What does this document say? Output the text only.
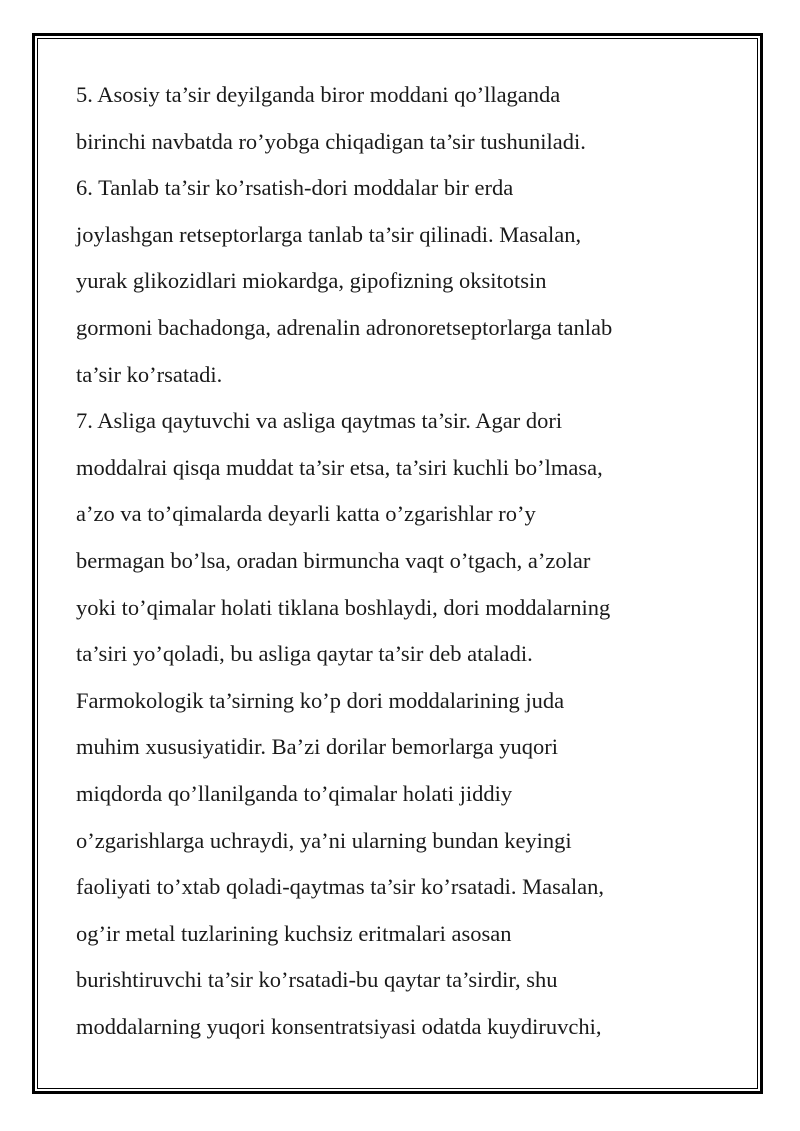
5. Asosiy ta’sir deyilganda biror moddani qo’llaganda
birinchi navbatda ro’yobga chiqadigan ta’sir tushuniladi.
6. Tanlab ta’sir ko’rsatish-dori moddalar bir erda
joylashgan retseptorlarga tanlab ta’sir qilinadi. Masalan,
yurak glikozidlari miokardga, gipofizning oksitotsin
gormoni bachadonga, adrenalin adronoretseptorlarga tanlab
ta’sir ko’rsatadi.
7. Asliga qaytuvchi va asliga qaytmas ta’sir. Agar dori
moddalrai qisqa muddat ta’sir etsa, ta’siri kuchli bo’lmasa,
a’zo va to’qimalarda deyarli katta o’zgarishlar ro’y
bermagan bo’lsa, oradan birmuncha vaqt o’tgach, a’zolar
yoki to’qimalar holati tiklana boshlaydi, dori moddalarning
ta’siri yo’qoladi, bu asliga qaytar ta’sir deb ataladi.
Farmokologik ta’sirning ko’p dori moddalarining juda
muhim xususiyatidir. Ba’zi dorilar bemorlarga yuqori
miqdorda qo’llanilganda to’qimalar holati jiddiy
o’zgarishlarga uchraydi, ya’ni ularning bundan keyingi
faoliyati to’xtab qoladi-qaytmas ta’sir ko’rsatadi. Masalan,
og’ir metal tuzlarining kuchsiz eritmalari asosan
burishtiruvchi ta’sir ko’rsatadi-bu qaytar ta’sirdir, shu
moddalarning yuqori konsentratsiyasi odatda kuydiruvchi,
